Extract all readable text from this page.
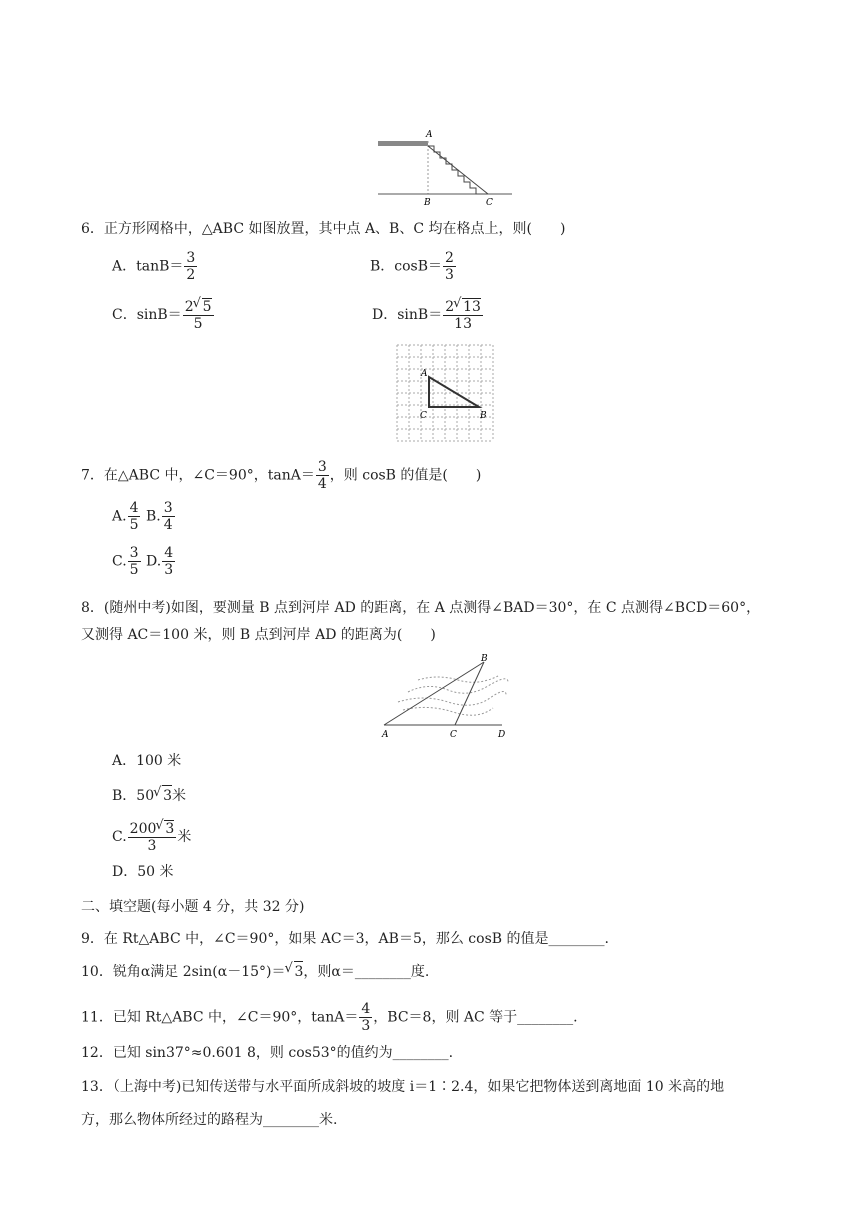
A
B	C
6．正方形网格中，△ABC 如图放置，其中点 A、B、C 均在格点上，则(　　)
A．$\tan B= \frac{3}{2}$	B．$\cos B= \frac{2}{3}$
C．$\sin B= \frac{2 √ 5}{5}$	D．$\sin B= \frac{2 √ 13}{13}$
A
C	B
7．在△ABC 中，∠C＝90°，$\tan A= \frac{3}{4}$ ，则 cosB 的值是(　　)
A. $\frac{4}{5} B$. $\frac{3}{4}$
C. $\frac{3}{5} D$. $\frac{4}{3}$
8．(随州中考)如图，要测量 B 点到河岸 AD 的距离，在 A 点测得∠BAD＝30°，在 C 点测得∠BCD＝60°，
又测得 AC＝100 米，则 B 点到河岸 AD 的距离为(　　)
A	C	D
B
A．100 米
B．50 √ 3米
C. $\frac{200 √ 3}{3}$ 米
D．50 米
二、填空题(每小题 4 分，共 32 分)
9．在 Rt△ABC 中，∠C＝90°，如果 AC＝3，AB＝5，那么 cosB 的值是________.
10．锐角α满足 2sin(α－15°)＝ √ 3，则α＝________度.
11．已知 Rt△ABC 中，∠C＝90°，$\tan A= \frac{4}{3}$ ，BC＝8，则 AC 等于________.
12．已知 sin37°≈0.601 8，则 cos53°的值约为________.
13．（上海中考)已知传送带与水平面所成斜坡的坡度 i＝1∶2.4，如果它把物体送到离地面 10 米高的地
方，那么物体所经过的路程为________米.
